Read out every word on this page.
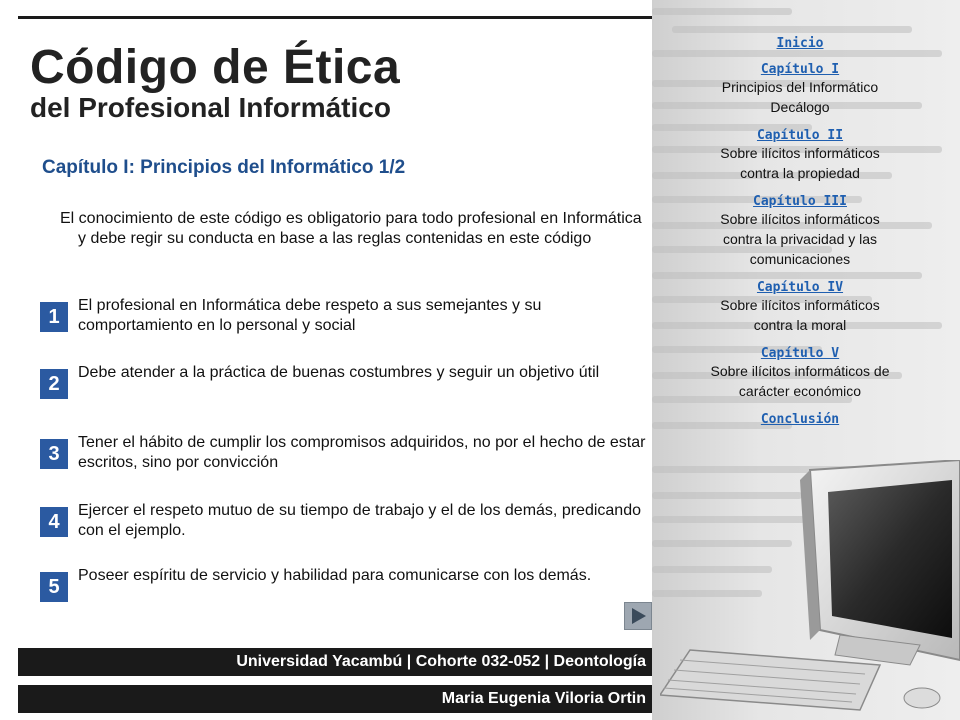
Código de Ética
del Profesional Informático
Capítulo I: Principios del Informático 1/2
El conocimiento de este código es obligatorio para todo profesional en Informática y debe regir su conducta en base a las reglas contenidas en este código
1
El profesional en Informática debe respeto a sus semejantes y su comportamiento en lo personal y social
2
Debe atender a la práctica de buenas costumbres y seguir un objetivo útil
3
Tener el hábito de cumplir los compromisos adquiridos, no por el hecho de estar escritos, sino por convicción
4
Ejercer el respeto mutuo de su tiempo de trabajo y el de los demás, predicando con el ejemplo.
5
Poseer espíritu de servicio y habilidad para comunicarse con los demás.
Universidad Yacambú | Cohorte 032-052 | Deontología
Maria Eugenia Viloria Ortin
Inicio
Capítulo I
Principios del Informático Decálogo
Capítulo II
Sobre ilícitos informáticos contra la propiedad
Capítulo III
Sobre ilícitos informáticos contra la privacidad y las comunicaciones
Capítulo IV
Sobre ilícitos informáticos contra la moral
Capítulo V
Sobre ilícitos informáticos de carácter económico
Conclusión
